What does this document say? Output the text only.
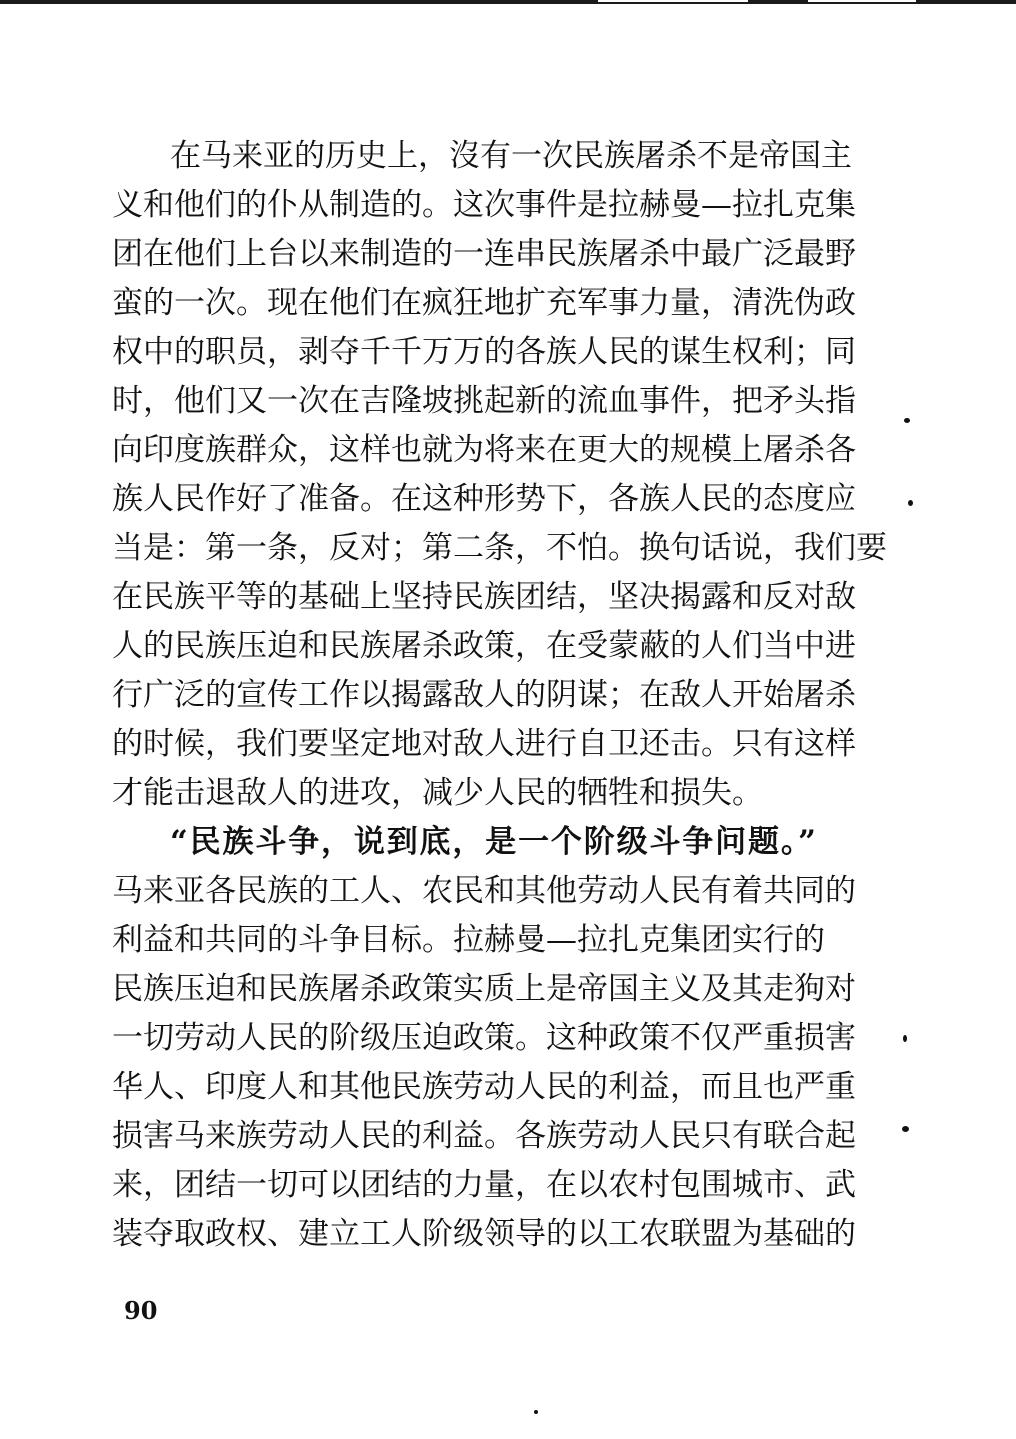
在马来亚的历史上，沒有一次民族屠杀不是帝国主
义和他们的仆从制造的。这次事件是拉赫曼—拉扎克集
团在他们上台以来制造的一连串民族屠杀中最广泛最野
蛮的一次。现在他们在疯狂地扩充军事力量，清洗伪政
权中的职员，剥夺千千万万的各族人民的谋生权利；同
时，他们又一次在吉隆坡挑起新的流血事件，把矛头指
向印度族群众，这样也就为将来在更大的规模上屠杀各
族人民作好了准备。在这种形势下，各族人民的态度应
当是：第一条，反对；第二条，不怕。换句话说，我们要
在民族平等的基础上坚持民族团结，坚决揭露和反对敌
人的民族压迫和民族屠杀政策，在受蒙蔽的人们当中进
行广泛的宣传工作以揭露敌人的阴谋；在敌人开始屠杀
的时候，我们要坚定地对敌人进行自卫还击。只有这样
才能击退敌人的进攻，减少人民的牺牲和损失。
“民族斗争，说到底，是一个阶级斗争问题。”
马来亚各民族的工人、农民和其他劳动人民有着共同的
利益和共同的斗争目标。拉赫曼—拉扎克集团实行的
民族压迫和民族屠杀政策实质上是帝国主义及其走狗对
一切劳动人民的阶级压迫政策。这种政策不仅严重损害
华人、印度人和其他民族劳动人民的利益，而且也严重
损害马来族劳动人民的利益。各族劳动人民只有联合起
来，团结一切可以团结的力量，在以农村包围城市、武
装夺取政权、建立工人阶级领导的以工农联盟为基础的
90
